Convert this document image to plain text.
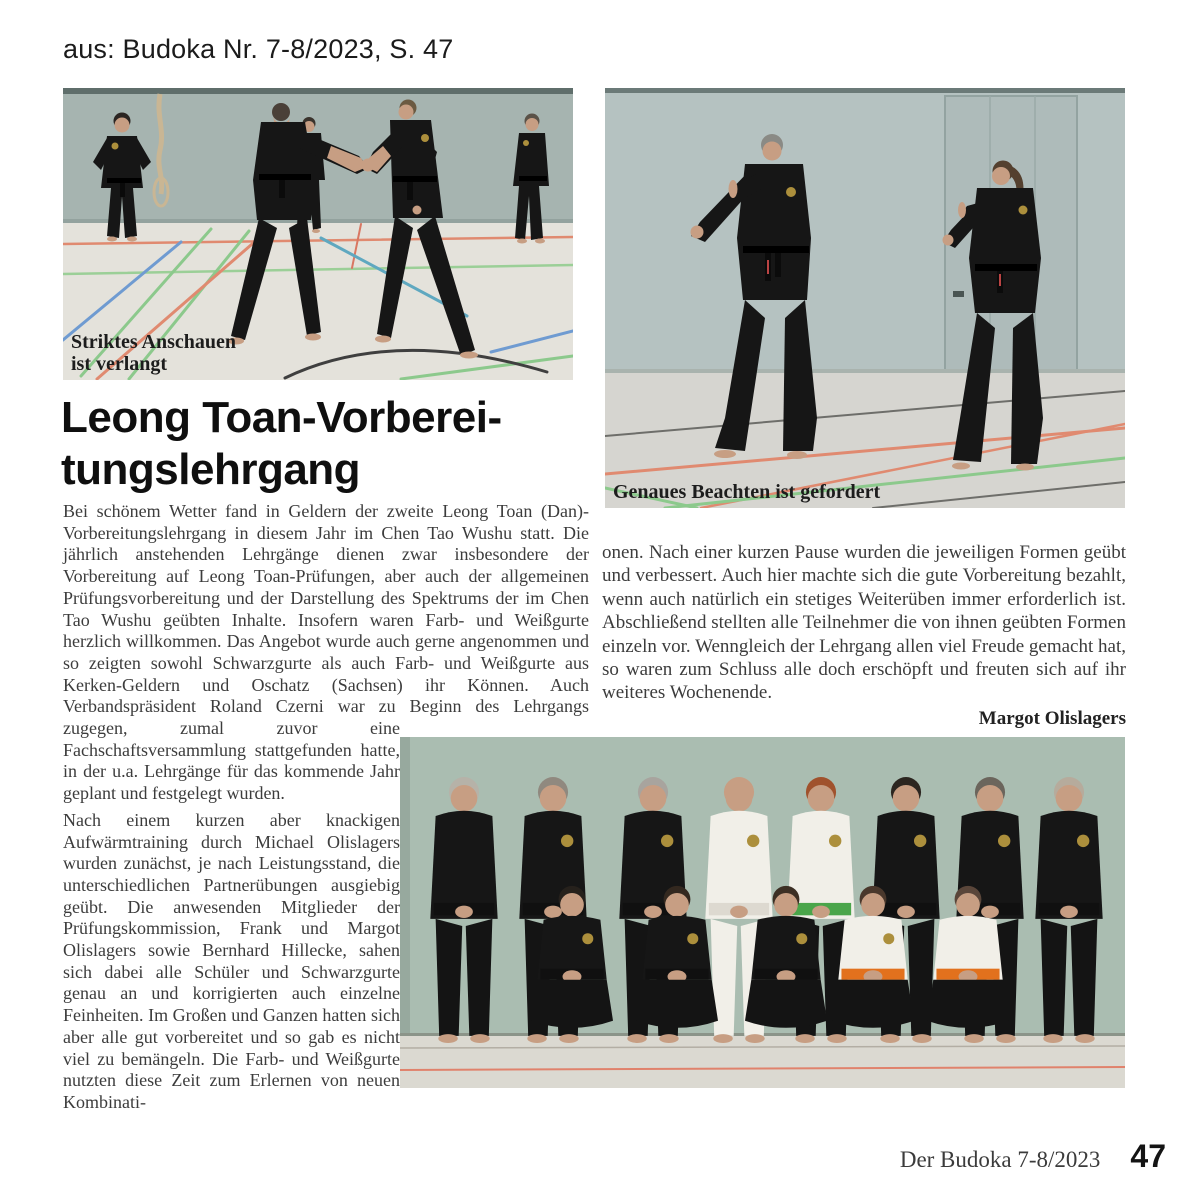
aus: Budoka Nr. 7-8/2023, S. 47
Striktes Anschauen
ist verlangt
Genaues Beachten ist gefordert
Leong Toan-Vorberei-
tungslehrgang

Bei schönem Wetter fand in Geldern der zweite Leong Toan (Dan)-Vorbereitungslehrgang in diesem Jahr im Chen Tao Wushu statt. Die jährlich anstehenden Lehrgänge dienen zwar insbesondere der Vorbereitung auf Leong Toan-Prüfungen, aber auch der allgemeinen Prüfungsvorbereitung und der Darstellung des Spektrums der im Chen Tao Wushu geübten Inhalte. Insofern waren Farb- und Weißgurte herzlich willkommen. Das Angebot wurde auch gerne angenommen und so zeigten sowohl Schwarzgurte als auch Farb- und Weißgurte aus Kerken-Geldern und Oschatz (Sachsen) ihr Können. Auch Verbandspräsident Roland Czerni war zu Beginn des Lehrgangs zugegen, zumal zuvor eine Fachschaftsversammlung stattgefunden hatte, in der u.a. Lehrgänge für das kommende Jahr geplant und festgelegt wurden.

Nach einem kurzen aber knackigen Aufwärmtraining durch Michael Olislagers wurden zunächst, je nach Leistungsstand, die unterschiedlichen Partnerübungen ausgiebig geübt. Die anwesenden Mitglieder der Prüfungskommission, Frank und Margot Olislagers sowie Bernhard Hillecke, sahen sich dabei alle Schüler und Schwarzgurte genau an und korrigierten auch einzelne Feinheiten. Im Großen und Ganzen hatten sich aber alle gut vorbereitet und so gab es nicht viel zu bemängeln. Die Farb- und Weißgurte nutzten diese Zeit zum Erlernen von neuen Kombinati-

onen. Nach einer kurzen Pause wurden die jeweiligen Formen geübt und verbessert. Auch hier machte sich die gute Vorbereitung bezahlt, wenn auch natürlich ein stetiges Weiterüben immer erforderlich ist. Abschließend stellten alle Teilnehmer die von ihnen geübten Formen einzeln vor. Wenngleich der Lehrgang allen viel Freude gemacht hat, so waren zum Schluss alle doch erschöpft und freuten sich auf ihr weiteres Wochenende.

Margot Olislagers
Der Budoka 7-8/2023 47
